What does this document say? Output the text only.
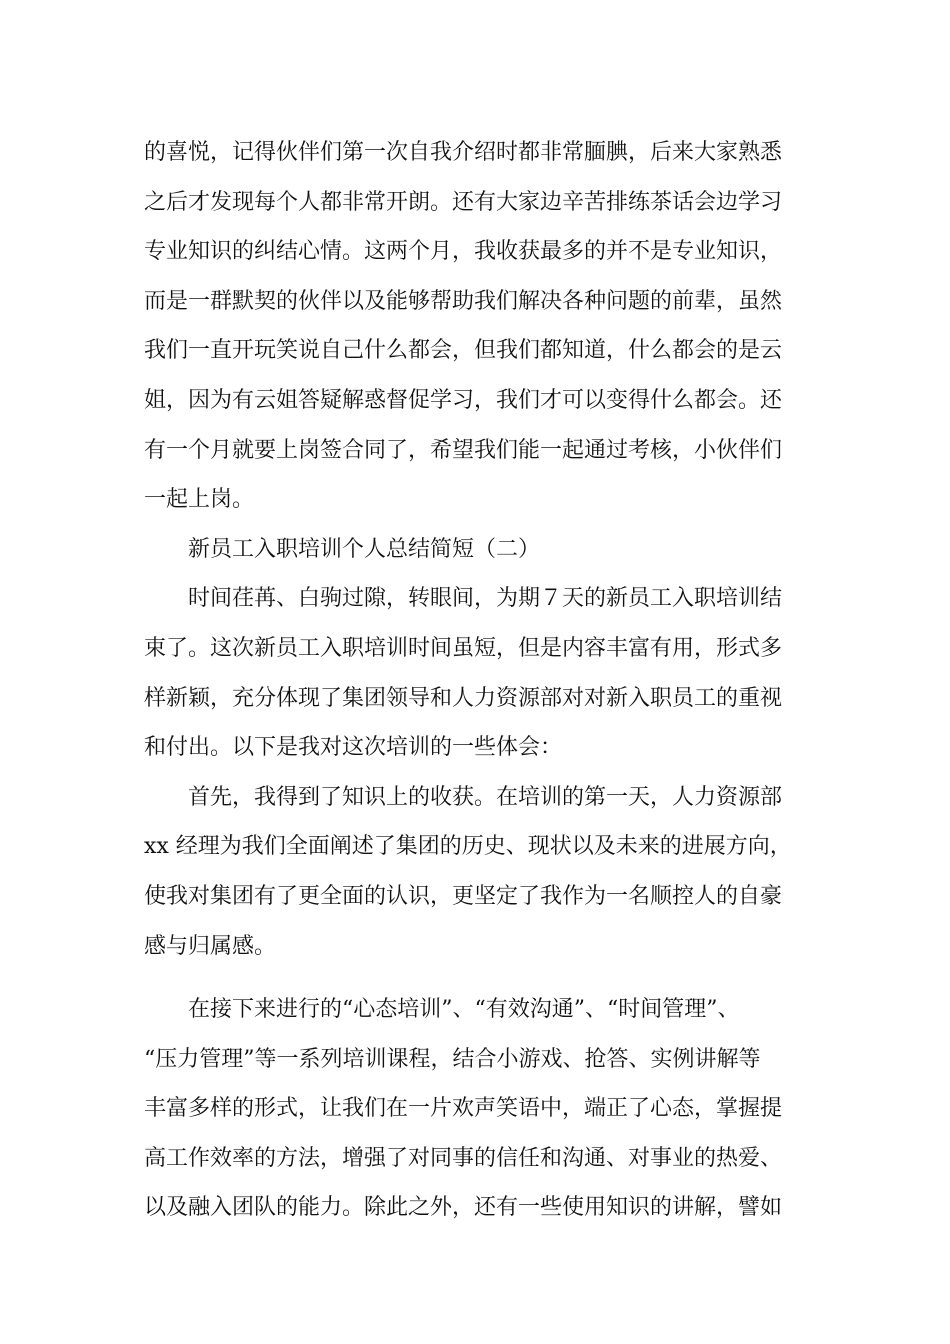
的喜悦，记得伙伴们第一次自我介绍时都非常腼腆，后来大家熟悉
之后才发现每个人都非常开朗。还有大家边辛苦排练茶话会边学习
专业知识的纠结心情。这两个月，我收获最多的并不是专业知识，
而是一群默契的伙伴以及能够帮助我们解决各种问题的前辈，虽然
我们一直开玩笑说自己什么都会，但我们都知道，什么都会的是云
姐，因为有云姐答疑解惑督促学习，我们才可以变得什么都会。还
有一个月就要上岗签合同了，希望我们能一起通过考核，小伙伴们
一起上岗。
新员工入职培训个人总结简短（二）
时间荏苒、白驹过隙，转眼间，为期７天的新员工入职培训结
束了。这次新员工入职培训时间虽短，但是内容丰富有用，形式多
样新颖，充分体现了集团领导和人力资源部对对新入职员工的重视
和付出。以下是我对这次培训的一些体会：
首先，我得到了知识上的收获。在培训的第一天，人力资源部
xx 经理为我们全面阐述了集团的历史、现状以及未来的进展方向，
使我对集团有了更全面的认识，更坚定了我作为一名顺控人的自豪
感与归属感。
在接下来进行的“心态培训”、“有效沟通”、“时间管理”、
“压力管理”等一系列培训课程，结合小游戏、抢答、实例讲解等
丰富多样的形式，让我们在一片欢声笑语中，端正了心态，掌握提
高工作效率的方法，增强了对同事的信任和沟通、对事业的热爱、
以及融入团队的能力。除此之外，还有一些使用知识的讲解，譬如
